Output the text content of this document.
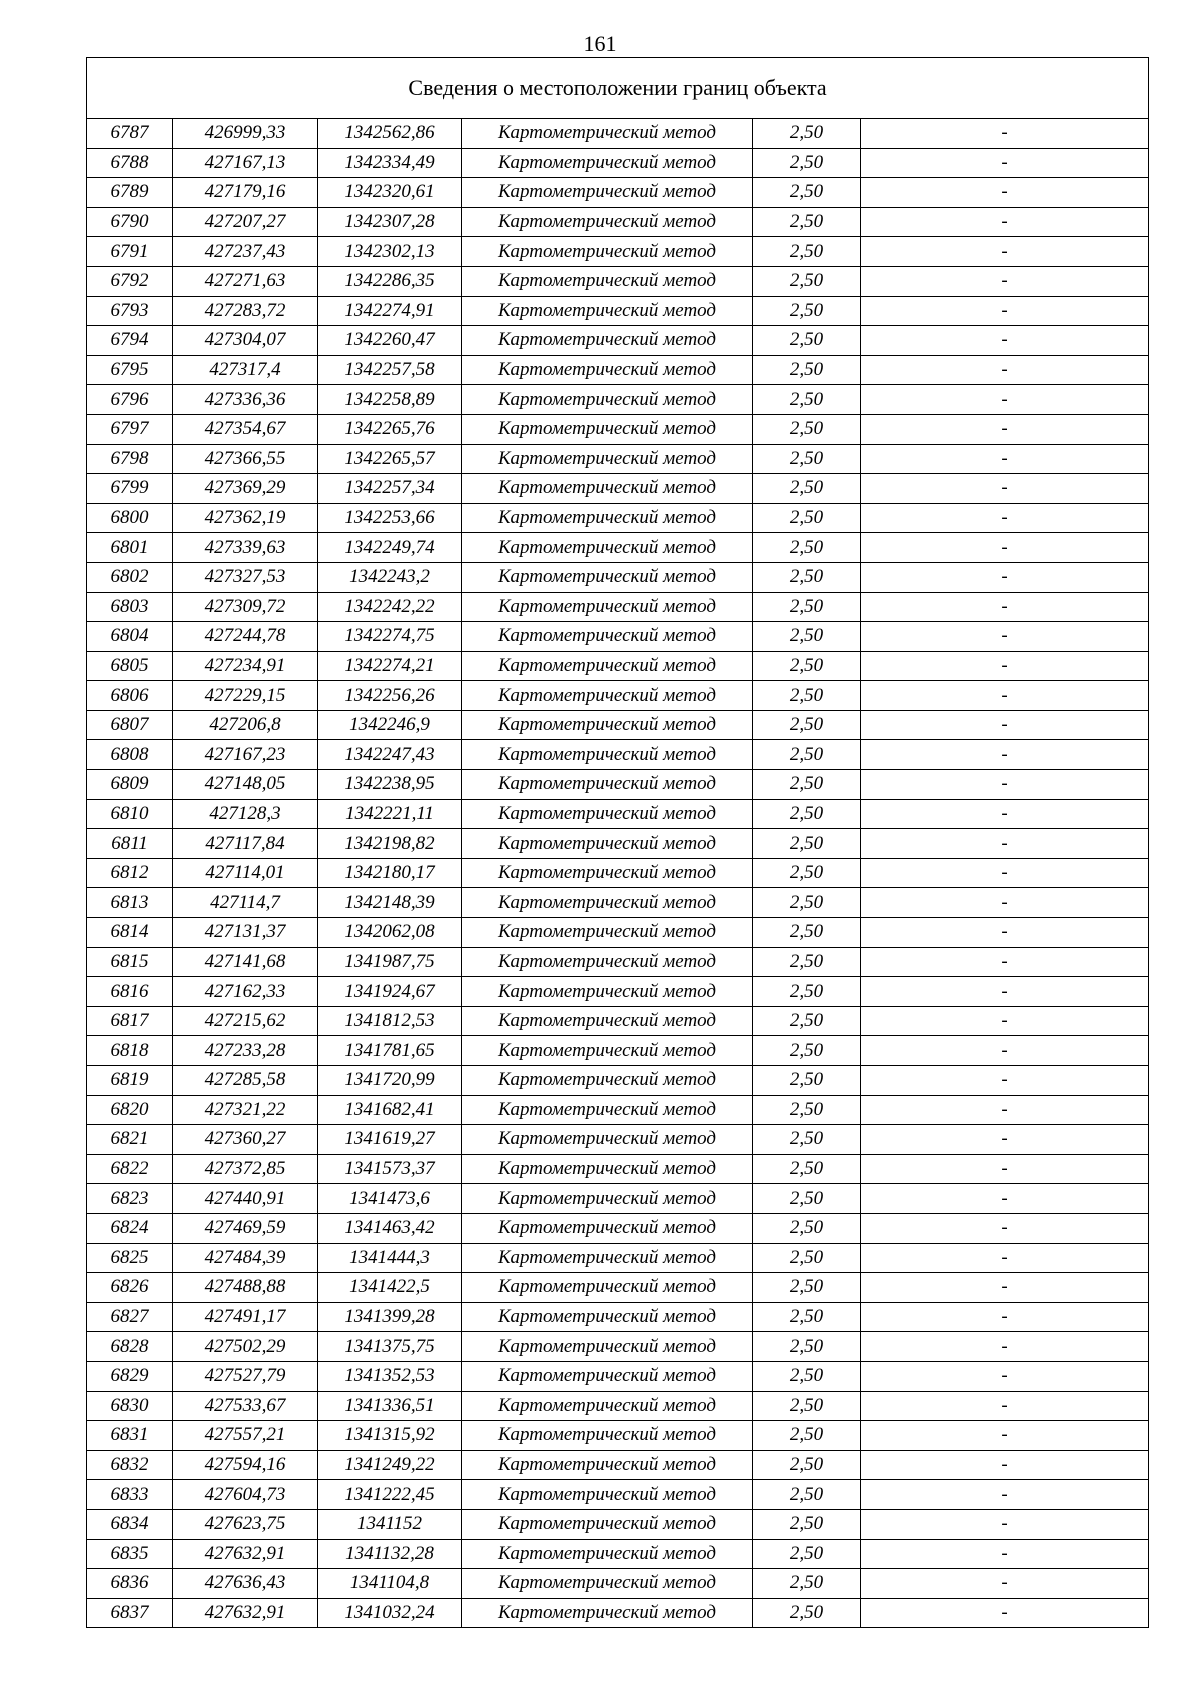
161
Сведения о местоположении границ объекта					
6787	426999,33	1342562,86	Картометрический метод	2,50	-
6788	427167,13	1342334,49	Картометрический метод	2,50	-
6789	427179,16	1342320,61	Картометрический метод	2,50	-
6790	427207,27	1342307,28	Картометрический метод	2,50	-
6791	427237,43	1342302,13	Картометрический метод	2,50	-
6792	427271,63	1342286,35	Картометрический метод	2,50	-
6793	427283,72	1342274,91	Картометрический метод	2,50	-
6794	427304,07	1342260,47	Картометрический метод	2,50	-
6795	427317,4	1342257,58	Картометрический метод	2,50	-
6796	427336,36	1342258,89	Картометрический метод	2,50	-
6797	427354,67	1342265,76	Картометрический метод	2,50	-
6798	427366,55	1342265,57	Картометрический метод	2,50	-
6799	427369,29	1342257,34	Картометрический метод	2,50	-
6800	427362,19	1342253,66	Картометрический метод	2,50	-
6801	427339,63	1342249,74	Картометрический метод	2,50	-
6802	427327,53	1342243,2	Картометрический метод	2,50	-
6803	427309,72	1342242,22	Картометрический метод	2,50	-
6804	427244,78	1342274,75	Картометрический метод	2,50	-
6805	427234,91	1342274,21	Картометрический метод	2,50	-
6806	427229,15	1342256,26	Картометрический метод	2,50	-
6807	427206,8	1342246,9	Картометрический метод	2,50	-
6808	427167,23	1342247,43	Картометрический метод	2,50	-
6809	427148,05	1342238,95	Картометрический метод	2,50	-
6810	427128,3	1342221,11	Картометрический метод	2,50	-
6811	427117,84	1342198,82	Картометрический метод	2,50	-
6812	427114,01	1342180,17	Картометрический метод	2,50	-
6813	427114,7	1342148,39	Картометрический метод	2,50	-
6814	427131,37	1342062,08	Картометрический метод	2,50	-
6815	427141,68	1341987,75	Картометрический метод	2,50	-
6816	427162,33	1341924,67	Картометрический метод	2,50	-
6817	427215,62	1341812,53	Картометрический метод	2,50	-
6818	427233,28	1341781,65	Картометрический метод	2,50	-
6819	427285,58	1341720,99	Картометрический метод	2,50	-
6820	427321,22	1341682,41	Картометрический метод	2,50	-
6821	427360,27	1341619,27	Картометрический метод	2,50	-
6822	427372,85	1341573,37	Картометрический метод	2,50	-
6823	427440,91	1341473,6	Картометрический метод	2,50	-
6824	427469,59	1341463,42	Картометрический метод	2,50	-
6825	427484,39	1341444,3	Картометрический метод	2,50	-
6826	427488,88	1341422,5	Картометрический метод	2,50	-
6827	427491,17	1341399,28	Картометрический метод	2,50	-
6828	427502,29	1341375,75	Картометрический метод	2,50	-
6829	427527,79	1341352,53	Картометрический метод	2,50	-
6830	427533,67	1341336,51	Картометрический метод	2,50	-
6831	427557,21	1341315,92	Картометрический метод	2,50	-
6832	427594,16	1341249,22	Картометрический метод	2,50	-
6833	427604,73	1341222,45	Картометрический метод	2,50	-
6834	427623,75	1341152	Картометрический метод	2,50	-
6835	427632,91	1341132,28	Картометрический метод	2,50	-
6836	427636,43	1341104,8	Картометрический метод	2,50	-
6837	427632,91	1341032,24	Картометрический метод	2,50	-
